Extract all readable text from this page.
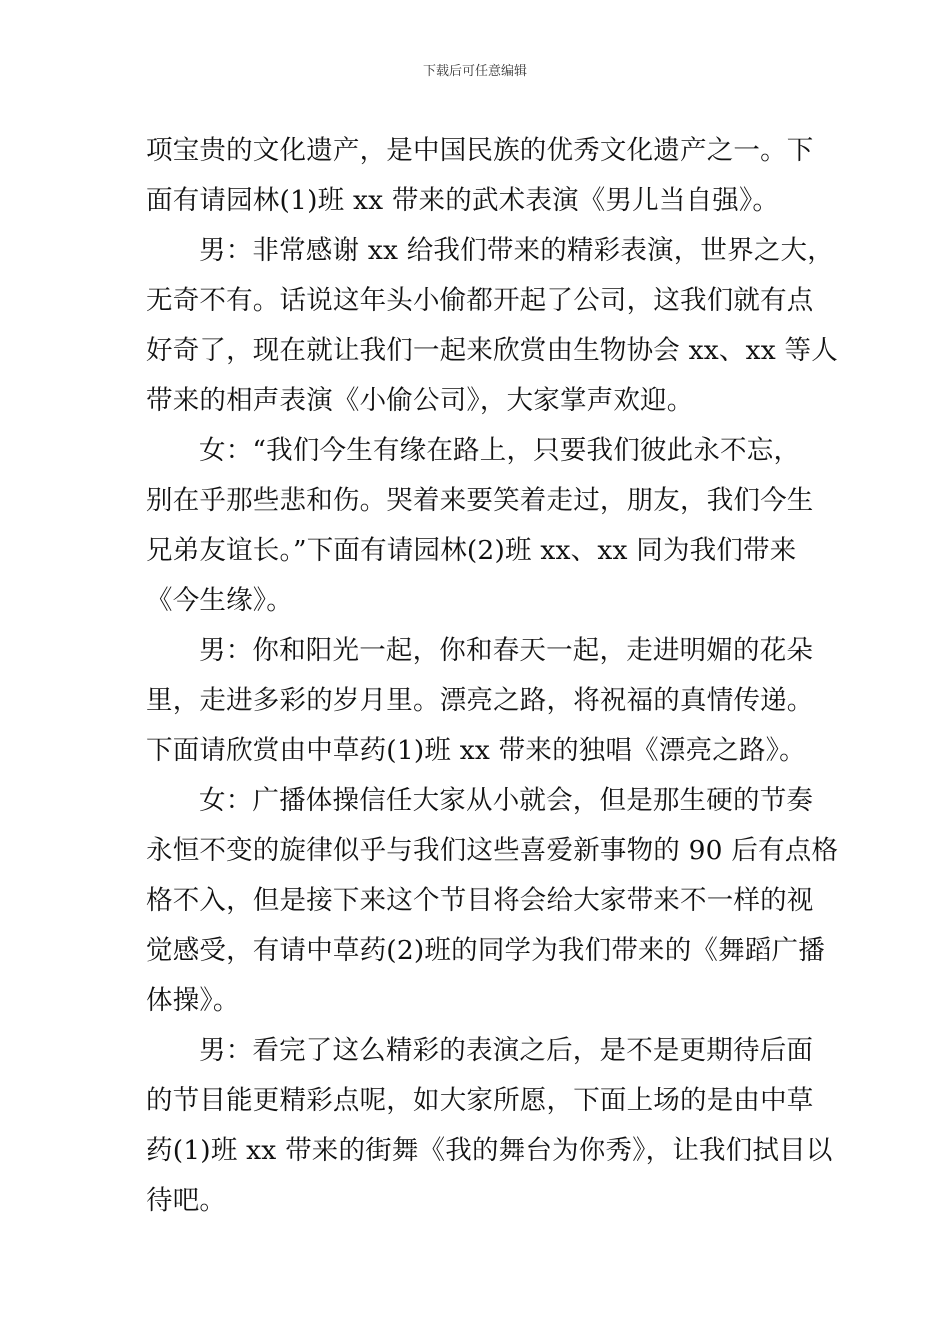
下载后可任意编辑
项宝贵的文化遗产，是中国民族的优秀文化遗产之一。下
面有请园林(1)班 xx 带来的武术表演《男儿当自强》。
男：非常感谢 xx 给我们带来的精彩表演，世界之大，
无奇不有。话说这年头小偷都开起了公司，这我们就有点
好奇了，现在就让我们一起来欣赏由生物协会 xx、xx 等人
带来的相声表演《小偷公司》，大家掌声欢迎。
女：“我们今生有缘在路上，只要我们彼此永不忘，
别在乎那些悲和伤。哭着来要笑着走过，朋友，我们今生
兄弟友谊长。”下面有请园林(2)班 xx、xx 同为我们带来
《今生缘》。
男：你和阳光一起，你和春天一起，走进明媚的花朵
里，走进多彩的岁月里。漂亮之路，将祝福的真情传递。
下面请欣赏由中草药(1)班 xx 带来的独唱《漂亮之路》。
女：广播体操信任大家从小就会，但是那生硬的节奏
永恒不变的旋律似乎与我们这些喜爱新事物的 90 后有点格
格不入，但是接下来这个节目将会给大家带来不一样的视
觉感受，有请中草药(2)班的同学为我们带来的《舞蹈广播
体操》。
男：看完了这么精彩的表演之后，是不是更期待后面
的节目能更精彩点呢，如大家所愿，下面上场的是由中草
药(1)班 xx 带来的街舞《我的舞台为你秀》，让我们拭目以
待吧。
